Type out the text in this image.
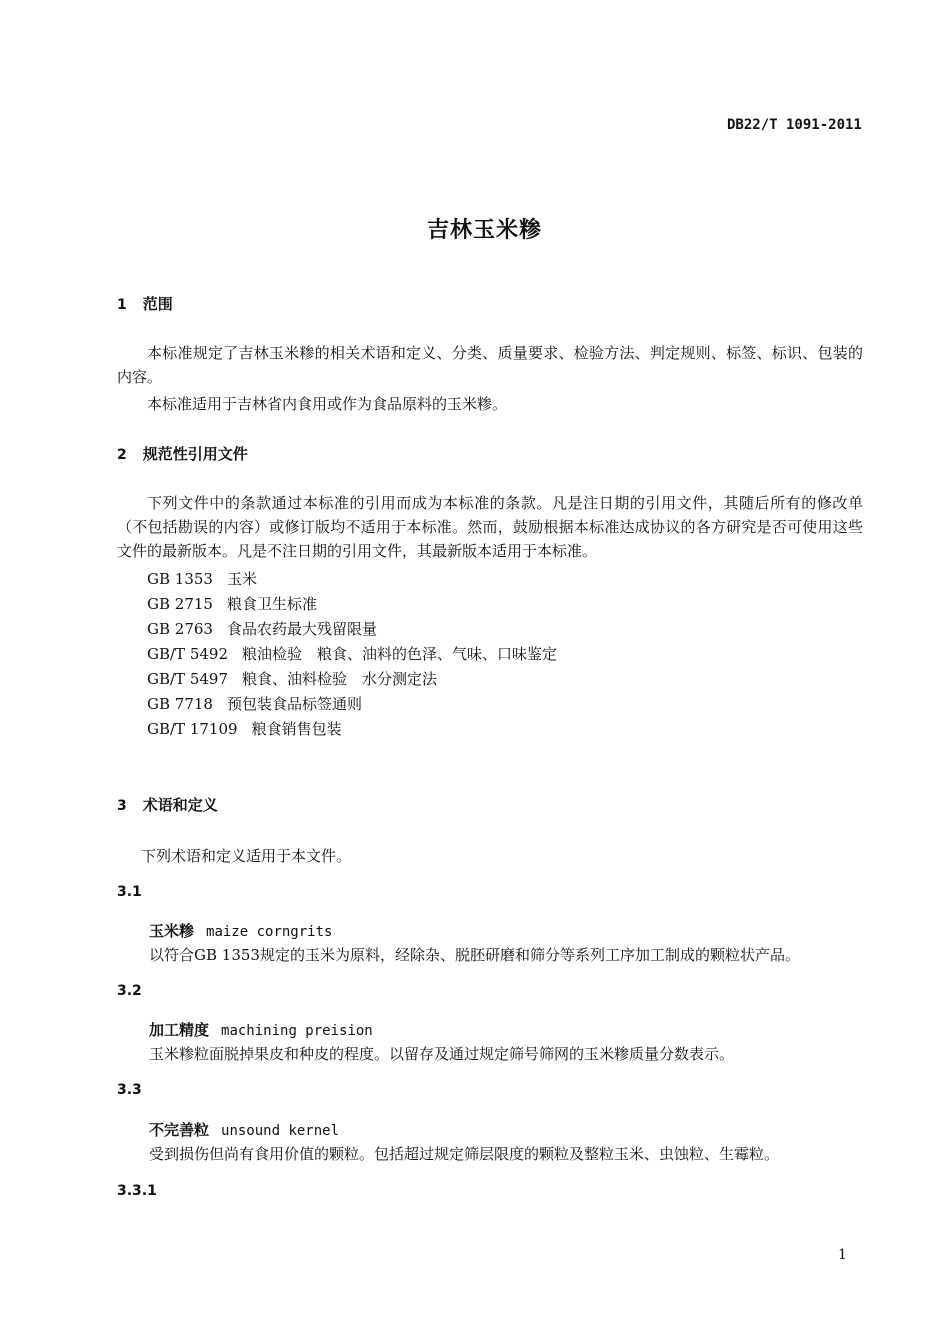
DB22/T 1091-2011
吉林玉米糁
1 范围
本标准规定了吉林玉米糁的相关术语和定义、分类、质量要求、检验方法、判定规则、标签、标识、包装的内容。
本标准适用于吉林省内食用或作为食品原料的玉米糁。
2 规范性引用文件
下列文件中的条款通过本标准的引用而成为本标准的条款。凡是注日期的引用文件，其随后所有的修改单（不包括勘误的内容）或修订版均不适用于本标准。然而，鼓励根据本标准达成协议的各方研究是否可使用这些文件的最新版本。凡是不注日期的引用文件，其最新版本适用于本标准。
GB 1353 玉米
GB 2715 粮食卫生标准
GB 2763 食品农药最大残留限量
GB/T 5492 粮油检验　粮食、油料的色泽、气味、口味鉴定
GB/T 5497 粮食、油料检验　水分测定法
GB 7718 预包装食品标签通则
GB/T 17109 粮食销售包装
3 术语和定义
下列术语和定义适用于本文件。
3.1
玉米糁 maize corngrits
以符合GB 1353规定的玉米为原料，经除杂、脱胚研磨和筛分等系列工序加工制成的颗粒状产品。
3.2
加工精度 machining preision
玉米糁粒面脱掉果皮和种皮的程度。以留存及通过规定筛号筛网的玉米糁质量分数表示。
3.3
不完善粒 unsound kernel
受到损伤但尚有食用价值的颗粒。包括超过规定筛层限度的颗粒及整粒玉米、虫蚀粒、生霉粒。
3.3.1
1
